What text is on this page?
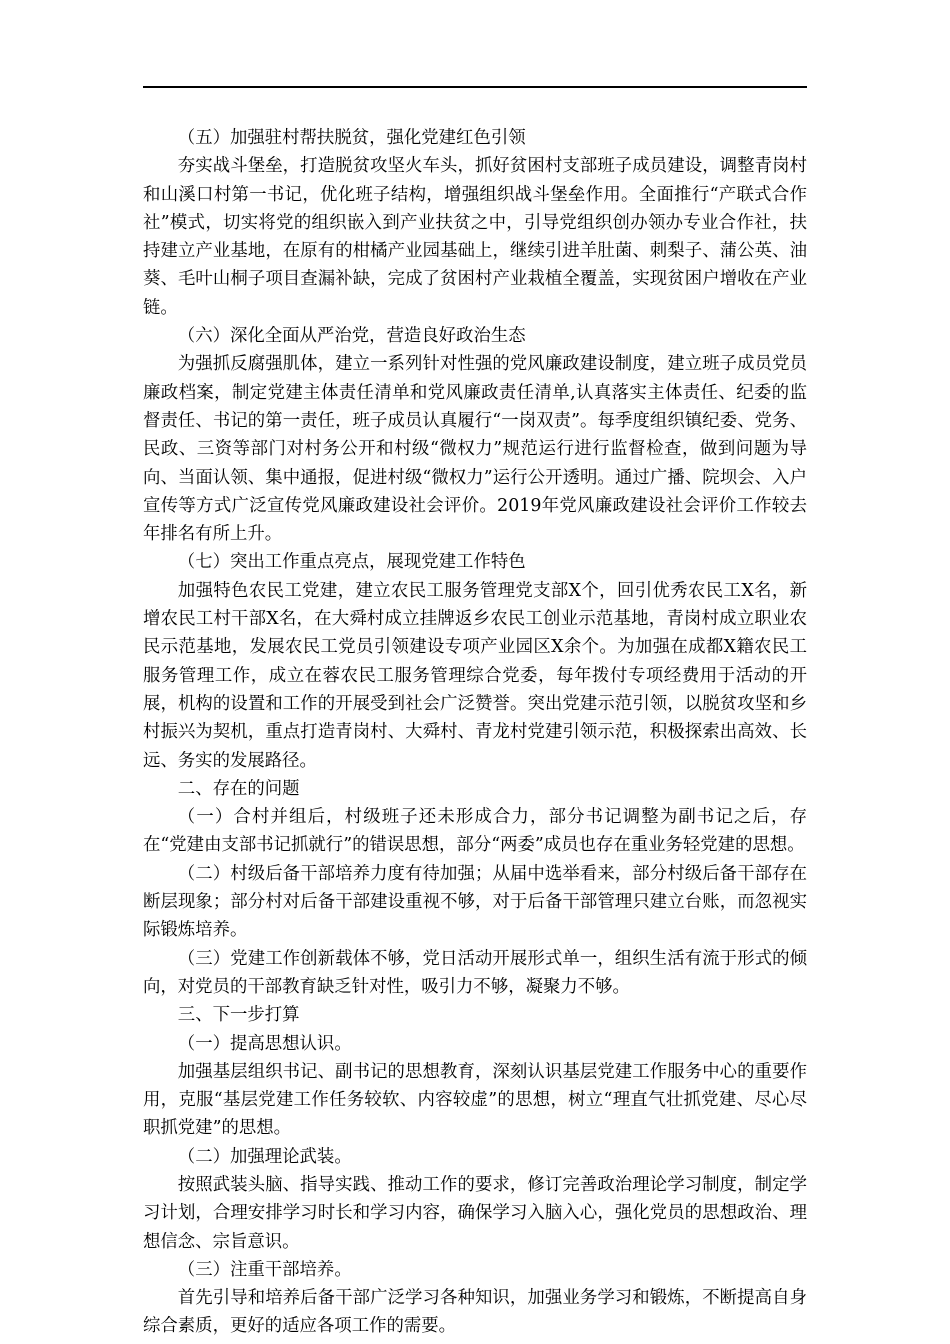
（五）加强驻村帮扶脱贫，强化党建红色引领

夯实战斗堡垒，打造脱贫攻坚火车头，抓好贫困村支部班子成员建设，调整青岗村和山溪口村第一书记，优化班子结构，增强组织战斗堡垒作用。全面推行“产联式合作社”模式，切实将党的组织嵌入到产业扶贫之中，引导党组织创办领办专业合作社，扶持建立产业基地，在原有的柑橘产业园基础上，继续引进羊肚菌、刺梨子、蒲公英、油葵、毛叶山桐子项目查漏补缺，完成了贫困村产业栽植全覆盖，实现贫困户增收在产业链。

（六）深化全面从严治党，营造良好政治生态

为强抓反腐强肌体，建立一系列针对性强的党风廉政建设制度，建立班子成员党员廉政档案，制定党建主体责任清单和党风廉政责任清单,认真落实主体责任、纪委的监督责任、书记的第一责任，班子成员认真履行“一岗双责”。每季度组织镇纪委、党务、民政、三资等部门对村务公开和村级“微权力”规范运行进行监督检查，做到问题为导向、当面认领、集中通报，促进村级“微权力”运行公开透明。通过广播、院坝会、入户宣传等方式广泛宣传党风廉政建设社会评价。2019年党风廉政建设社会评价工作较去年排名有所上升。

（七）突出工作重点亮点，展现党建工作特色

加强特色农民工党建，建立农民工服务管理党支部X个，回引优秀农民工X名，新增农民工村干部X名，在大舜村成立挂牌返乡农民工创业示范基地，青岗村成立职业农民示范基地，发展农民工党员引领建设专项产业园区X余个。为加强在成都X籍农民工服务管理工作，成立在蓉农民工服务管理综合党委，每年拨付专项经费用于活动的开展，机构的设置和工作的开展受到社会广泛赞誉。突出党建示范引领，以脱贫攻坚和乡村振兴为契机，重点打造青岗村、大舜村、青龙村党建引领示范，积极探索出高效、长远、务实的发展路径。

二、存在的问题

（一）合村并组后，村级班子还未形成合力，部分书记调整为副书记之后，存在“党建由支部书记抓就行”的错误思想，部分“两委”成员也存在重业务轻党建的思想。

（二）村级后备干部培养力度有待加强；从届中选举看来，部分村级后备干部存在断层现象；部分村对后备干部建设重视不够，对于后备干部管理只建立台账，而忽视实际锻炼培养。

（三）党建工作创新载体不够，党日活动开展形式单一，组织生活有流于形式的倾向，对党员的干部教育缺乏针对性，吸引力不够，凝聚力不够。

三、下一步打算

（一）提高思想认识。

加强基层组织书记、副书记的思想教育，深刻认识基层党建工作服务中心的重要作用，克服“基层党建工作任务较软、内容较虚”的思想，树立“理直气壮抓党建、尽心尽职抓党建”的思想。

（二）加强理论武装。

按照武装头脑、指导实践、推动工作的要求，修订完善政治理论学习制度，制定学习计划，合理安排学习时长和学习内容，确保学习入脑入心，强化党员的思想政治、理想信念、宗旨意识。

（三）注重干部培养。

首先引导和培养后备干部广泛学习各种知识，加强业务学习和锻炼，不断提高自身综合素质，更好的适应各项工作的需要。
